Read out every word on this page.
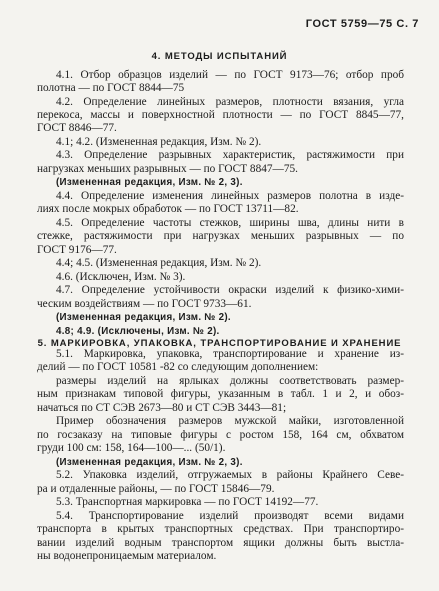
ГОСТ 5759—75 С. 7
4. МЕТОДЫ ИСПЫТАНИЙ
4.1. Отбор образцов изделий — по ГОСТ 9173—76; отбор проб
полотна — по ГОСТ 8844—75
4.2. Определение линейных размеров, плотности вязания, угла
перекоса, массы и поверхностной плотности — по ГОСТ 8845—77,
ГОСТ 8846—77.
4.1; 4.2. (Измененная редакция, Изм. № 2).
4.3. Определение разрывных характеристик, растяжимости при
нагрузках меньших разрывных — по ГОСТ 8847—75.
(Измененная редакция, Изм. № 2, 3).
4.4. Определение изменения линейных размеров полотна в изде-
лиях после мокрых обработок — по ГОСТ 13711—82.
4.5. Определение частоты стежков, ширины шва, длины нити в
стежке, растяжимости при нагрузках меньших разрывных — по
ГОСТ 9176—77.
4.4; 4.5. (Измененная редакция, Изм. № 2).
4.6. (Исключен, Изм. № 3).
4.7. Определение устойчивости окраски изделий к физико-хими-
ческим воздействиям — по ГОСТ 9733—61.
(Измененная редакция, Изм. № 2).
5. МАРКИРОВКА, УПАКОВКА, ТРАНСПОРТИРОВАНИЕ И ХРАНЕНИЕ
5.1. Маркировка, упаковка, транспортирование и хранение из-
делий — по ГОСТ 10581 -82 со следующим дополнением:
размеры изделий на ярлыках должны соответствовать размер-
ным признакам типовой фигуры, указанным в табл. 1 и 2, и обоз-
начаться по СТ СЭВ 2673—80 и СТ СЭВ 3443—81;
Пример обозначения размеров мужской майки, изготовленной
по госзаказу на типовые фигуры с ростом 158, 164 см, обхватом
груди 100 см: 158, 164—100—... (50/1).
(Измененная редакция, Изм. № 2, 3).
5.2. Упаковка изделий, отгружаемых в районы Крайнего Севе-
ра и отдаленные районы, — по ГОСТ 15846—79.
5.3. Транспортная маркировка — по ГОСТ 14192—77.
5.4. Транспортирование изделий производят всеми видами
транспорта в крытых транспортных средствах. При транспортиро-
вании изделий водным транспортом ящики должны быть выстла-
ны водонепроницаемым материалом.
4.8; 4.9. (Исключены, Изм. № 2).
